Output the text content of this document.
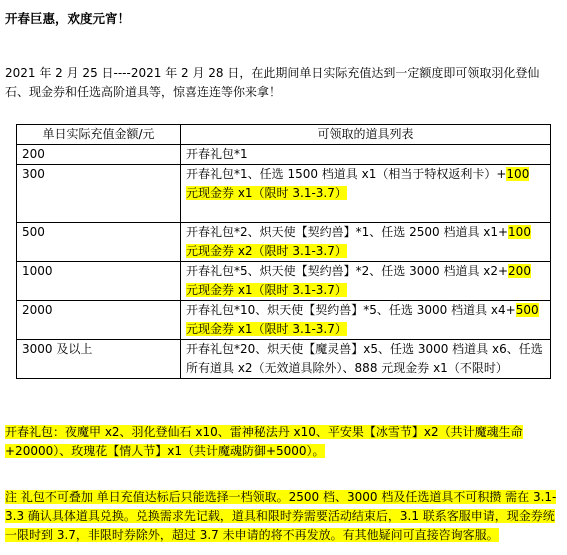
开春巨惠，欢度元宵！
2021 年 2 月 25 日----2021 年 2 月 28 日，在此期间单日实际充值达到一定额度即可领取羽化登仙石、现金券和任选高阶道具等，惊喜连连等你来拿！
单日实际充值金额/元	可领取的道具列表
200	开春礼包*1
300	开春礼包*1、任选 1500 档道具 x1（相当于特权返利卡）+100 元现金券 x1（限时 3.1-3.7）
500	开春礼包*2、炽天使【契约兽】*1、任选 2500 档道具 x1+100 元现金券 x2（限时 3.1-3.7）
1000	开春礼包*5、炽天使【契约兽】*2、任选 3000 档道具 x2+200 元现金券 x1（限时 3.1-3.7）
2000	开春礼包*10、炽天使【契约兽】*5、任选 3000 档道具 x4+500 元现金券 x1（限时 3.1-3.7）
3000 及以上	开春礼包*20、炽天使【魔灵兽】x5、任选 3000 档道具 x6、任选所有道具 x2（无效道具除外）、888 元现金券 x1（不限时）
开春礼包：夜魔甲 x2、羽化登仙石 x10、雷神秘法丹 x10、平安果【冰雪节】x2（共计魔魂生命+20000）、玫瑰花【情人节】x1（共计魔魂防御+5000）。
注 礼包不可叠加 单日充值达标后只能选择一档领取。2500 档、3000 档及任选道具不可积攒 需在 3.1-3.3 确认具体道具兑换。兑换需求先记载，道具和限时券需要活动结束后，3.1 联系客服申请，现金券统一限时到 3.7，非限时券除外，超过 3.7 未申请的将不再发放。有其他疑问可直接咨询客服。
